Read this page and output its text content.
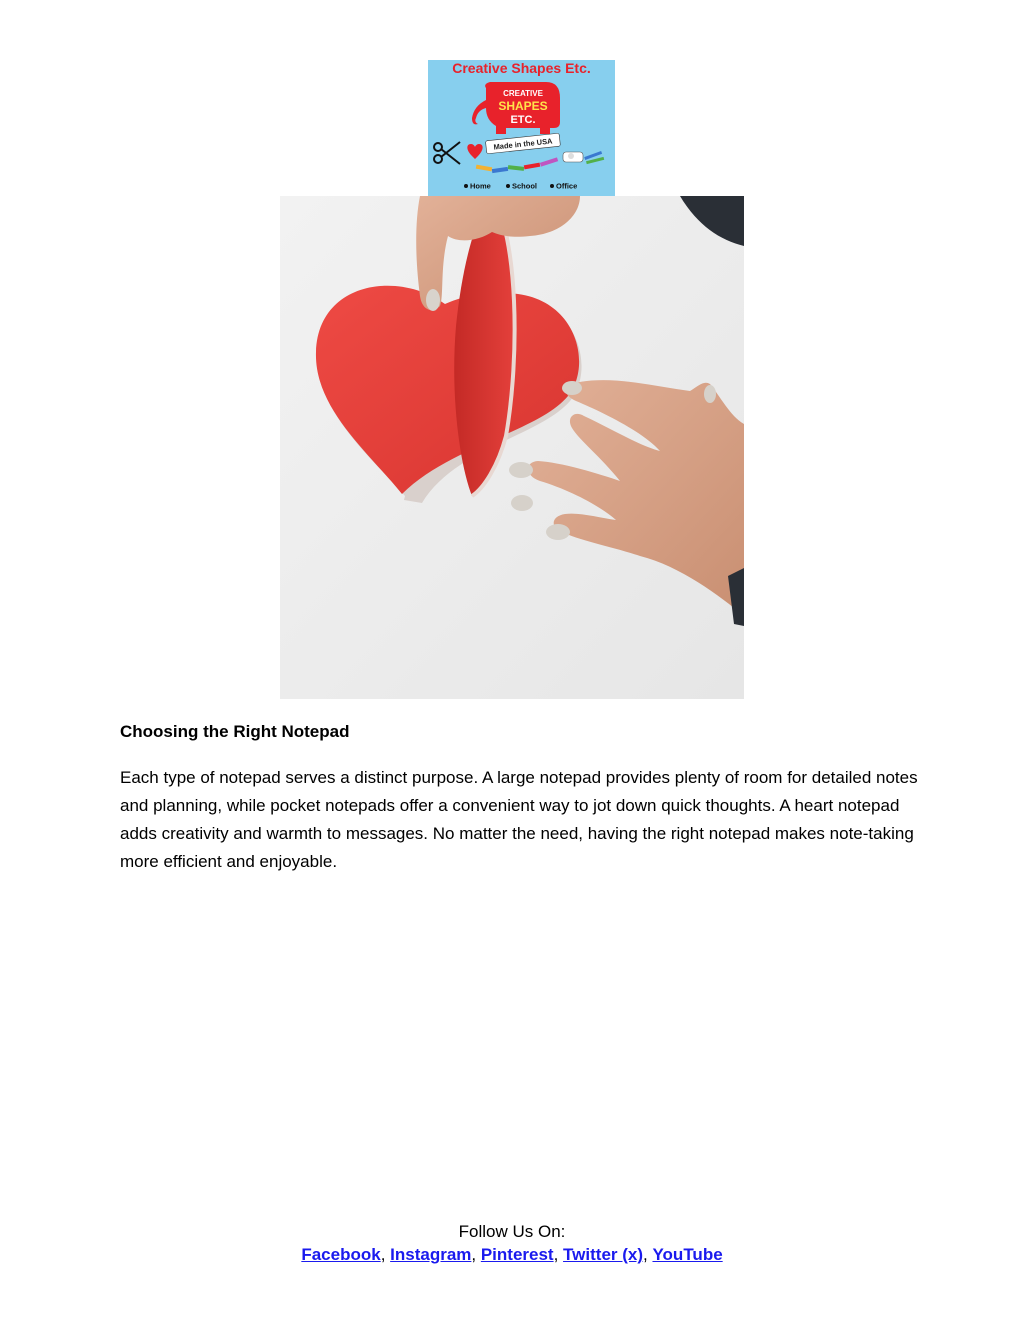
Creative Shapes Etc.
CREATIVE
SHAPES
ETC.
Made in the USA
Home	School	Office
Choosing the Right Notepad

Each type of notepad serves a distinct purpose. A large notepad provides plenty of room for detailed notes and planning, while pocket notepads offer a convenient way to jot down quick thoughts. A heart notepad adds creativity and warmth to messages. No matter the need, having the right notepad makes note-taking more efficient and enjoyable.

Follow Us On:
Facebook, Instagram, Pinterest, Twitter (x), YouTube
